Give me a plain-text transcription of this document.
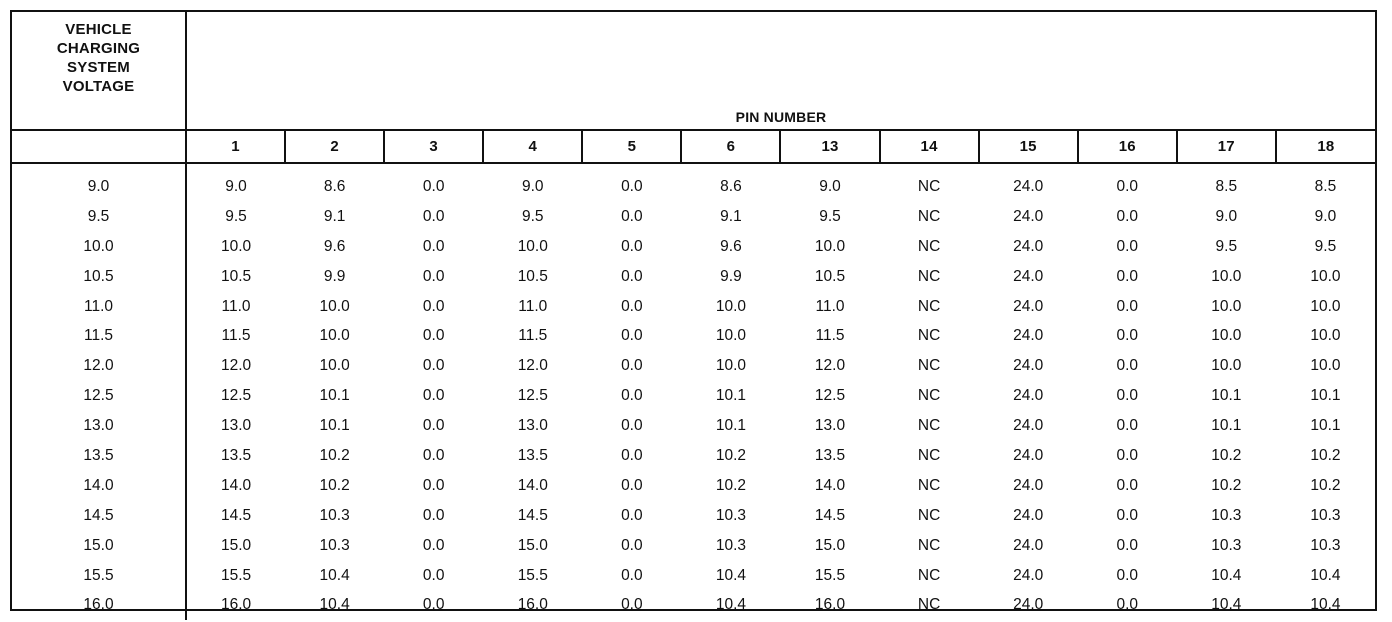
VEHICLE
CHARGING
SYSTEM
VOLTAGE	PIN NUMBER											
	1	2	3	4	5	6	13	14	15	16	17	18
9.0	9.0	8.6	0.0	9.0	0.0	8.6	9.0	NC	24.0	0.0	8.5	8.5
9.5	9.5	9.1	0.0	9.5	0.0	9.1	9.5	NC	24.0	0.0	9.0	9.0
10.0	10.0	9.6	0.0	10.0	0.0	9.6	10.0	NC	24.0	0.0	9.5	9.5
10.5	10.5	9.9	0.0	10.5	0.0	9.9	10.5	NC	24.0	0.0	10.0	10.0
11.0	11.0	10.0	0.0	11.0	0.0	10.0	11.0	NC	24.0	0.0	10.0	10.0
11.5	11.5	10.0	0.0	11.5	0.0	10.0	11.5	NC	24.0	0.0	10.0	10.0
12.0	12.0	10.0	0.0	12.0	0.0	10.0	12.0	NC	24.0	0.0	10.0	10.0
12.5	12.5	10.1	0.0	12.5	0.0	10.1	12.5	NC	24.0	0.0	10.1	10.1
13.0	13.0	10.1	0.0	13.0	0.0	10.1	13.0	NC	24.0	0.0	10.1	10.1
13.5	13.5	10.2	0.0	13.5	0.0	10.2	13.5	NC	24.0	0.0	10.2	10.2
14.0	14.0	10.2	0.0	14.0	0.0	10.2	14.0	NC	24.0	0.0	10.2	10.2
14.5	14.5	10.3	0.0	14.5	0.0	10.3	14.5	NC	24.0	0.0	10.3	10.3
15.0	15.0	10.3	0.0	15.0	0.0	10.3	15.0	NC	24.0	0.0	10.3	10.3
15.5	15.5	10.4	0.0	15.5	0.0	10.4	15.5	NC	24.0	0.0	10.4	10.4
16.0	16.0	10.4	0.0	16.0	0.0	10.4	16.0	NC	24.0	0.0	10.4	10.4
